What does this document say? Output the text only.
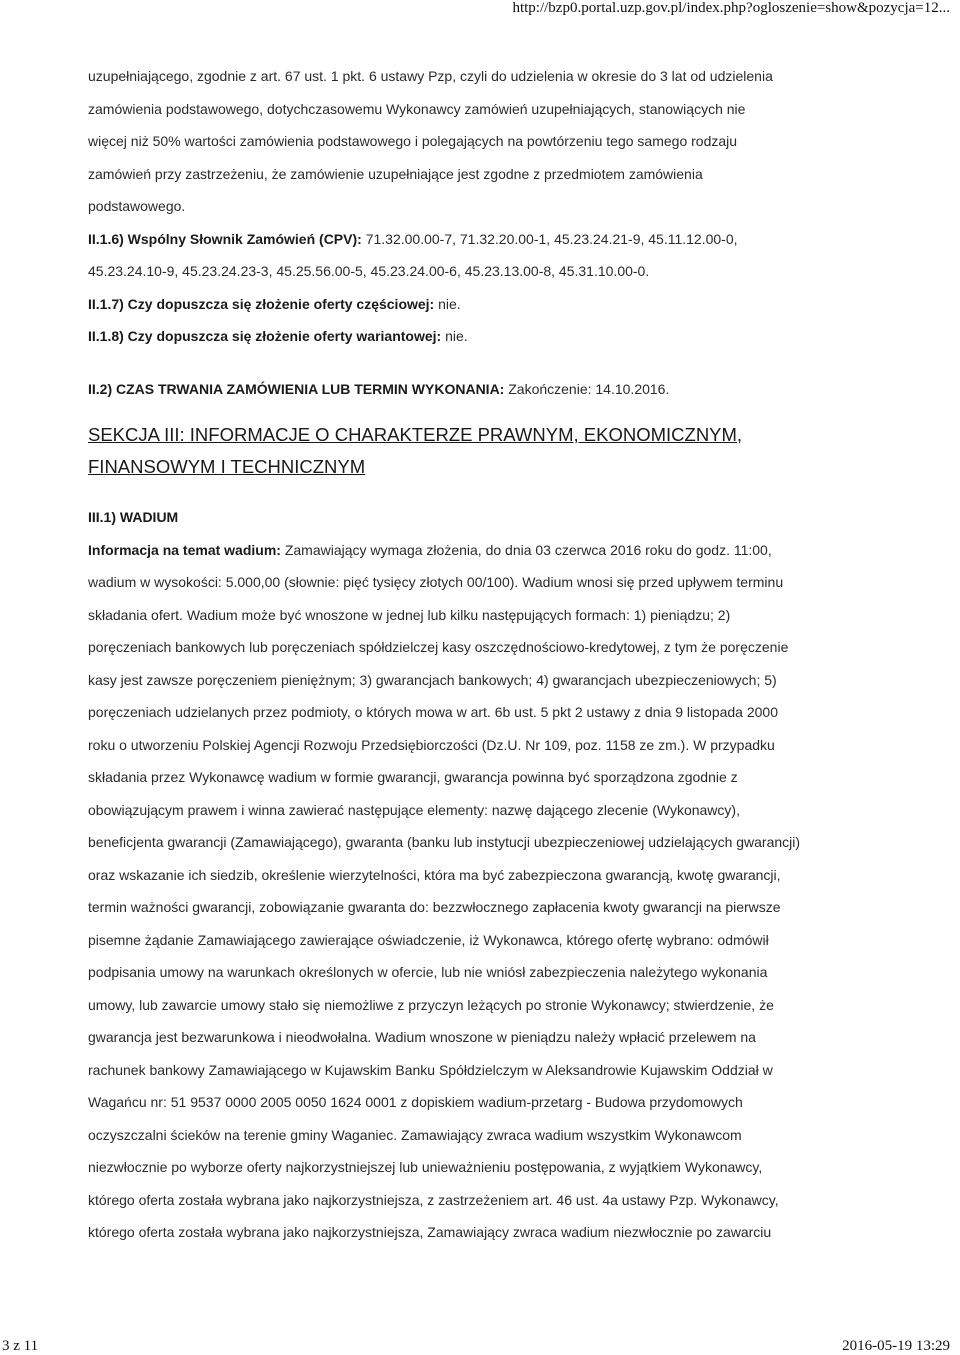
http://bzp0.portal.uzp.gov.pl/index.php?ogloszenie=show&pozycja=12...
uzupełniającego, zgodnie z art. 67 ust. 1 pkt. 6 ustawy Pzp, czyli do udzielenia w okresie do 3 lat od udzielenia
zamówienia podstawowego, dotychczasowemu Wykonawcy zamówień uzupełniających, stanowiących nie
więcej niż 50% wartości zamówienia podstawowego i polegających na powtórzeniu tego samego rodzaju
zamówień przy zastrzeżeniu, że zamówienie uzupełniające jest zgodne z przedmiotem zamówienia
podstawowego.
II.1.6) Wspólny Słownik Zamówień (CPV): 71.32.00.00-7, 71.32.20.00-1, 45.23.24.21-9, 45.11.12.00-0,
45.23.24.10-9, 45.23.24.23-3, 45.25.56.00-5, 45.23.24.00-6, 45.23.13.00-8, 45.31.10.00-0.
II.1.7) Czy dopuszcza się złożenie oferty częściowej: nie.
II.1.8) Czy dopuszcza się złożenie oferty wariantowej: nie.
II.2) CZAS TRWANIA ZAMÓWIENIA LUB TERMIN WYKONANIA: Zakończenie: 14.10.2016.
SEKCJA III: INFORMACJE O CHARAKTERZE PRAWNYM, EKONOMICZNYM,
FINANSOWYM I TECHNICZNYM
III.1) WADIUM
Informacja na temat wadium: Zamawiający wymaga złożenia, do dnia 03 czerwca 2016 roku do godz. 11:00,
wadium w wysokości: 5.000,00 (słownie: pięć tysięcy złotych 00/100). Wadium wnosi się przed upływem terminu
składania ofert. Wadium może być wnoszone w jednej lub kilku następujących formach: 1) pieniądzu; 2)
poręczeniach bankowych lub poręczeniach spółdzielczej kasy oszczędnościowo-kredytowej, z tym że poręczenie
kasy jest zawsze poręczeniem pieniężnym; 3) gwarancjach bankowych; 4) gwarancjach ubezpieczeniowych; 5)
poręczeniach udzielanych przez podmioty, o których mowa w art. 6b ust. 5 pkt 2 ustawy z dnia 9 listopada 2000
roku o utworzeniu Polskiej Agencji Rozwoju Przedsiębiorczości (Dz.U. Nr 109, poz. 1158 ze zm.). W przypadku
składania przez Wykonawcę wadium w formie gwarancji, gwarancja powinna być sporządzona zgodnie z
obowiązującym prawem i winna zawierać następujące elementy: nazwę dającego zlecenie (Wykonawcy),
beneficjenta gwarancji (Zamawiającego), gwaranta (banku lub instytucji ubezpieczeniowej udzielających gwarancji)
oraz wskazanie ich siedzib, określenie wierzytelności, która ma być zabezpieczona gwarancją, kwotę gwarancji,
termin ważności gwarancji, zobowiązanie gwaranta do: bezzwłocznego zapłacenia kwoty gwarancji na pierwsze
pisemne żądanie Zamawiającego zawierające oświadczenie, iż Wykonawca, którego ofertę wybrano: odmówił
podpisania umowy na warunkach określonych w ofercie, lub nie wniósł zabezpieczenia należytego wykonania
umowy, lub zawarcie umowy stało się niemożliwe z przyczyn leżących po stronie Wykonawcy; stwierdzenie, że
gwarancja jest bezwarunkowa i nieodwołalna. Wadium wnoszone w pieniądzu należy wpłacić przelewem na
rachunek bankowy Zamawiającego w Kujawskim Banku Spółdzielczym w Aleksandrowie Kujawskim Oddział w
Wagańcu nr: 51 9537 0000 2005 0050 1624 0001 z dopiskiem wadium-przetarg - Budowa przydomowych
oczyszczalni ścieków na terenie gminy Waganiec. Zamawiający zwraca wadium wszystkim Wykonawcom
niezwłocznie po wyborze oferty najkorzystniejszej lub unieważnieniu postępowania, z wyjątkiem Wykonawcy,
którego oferta została wybrana jako najkorzystniejsza, z zastrzeżeniem art. 46 ust. 4a ustawy Pzp. Wykonawcy,
którego oferta została wybrana jako najkorzystniejsza, Zamawiający zwraca wadium niezwłocznie po zawarciu
3 z 11	2016-05-19 13:29
